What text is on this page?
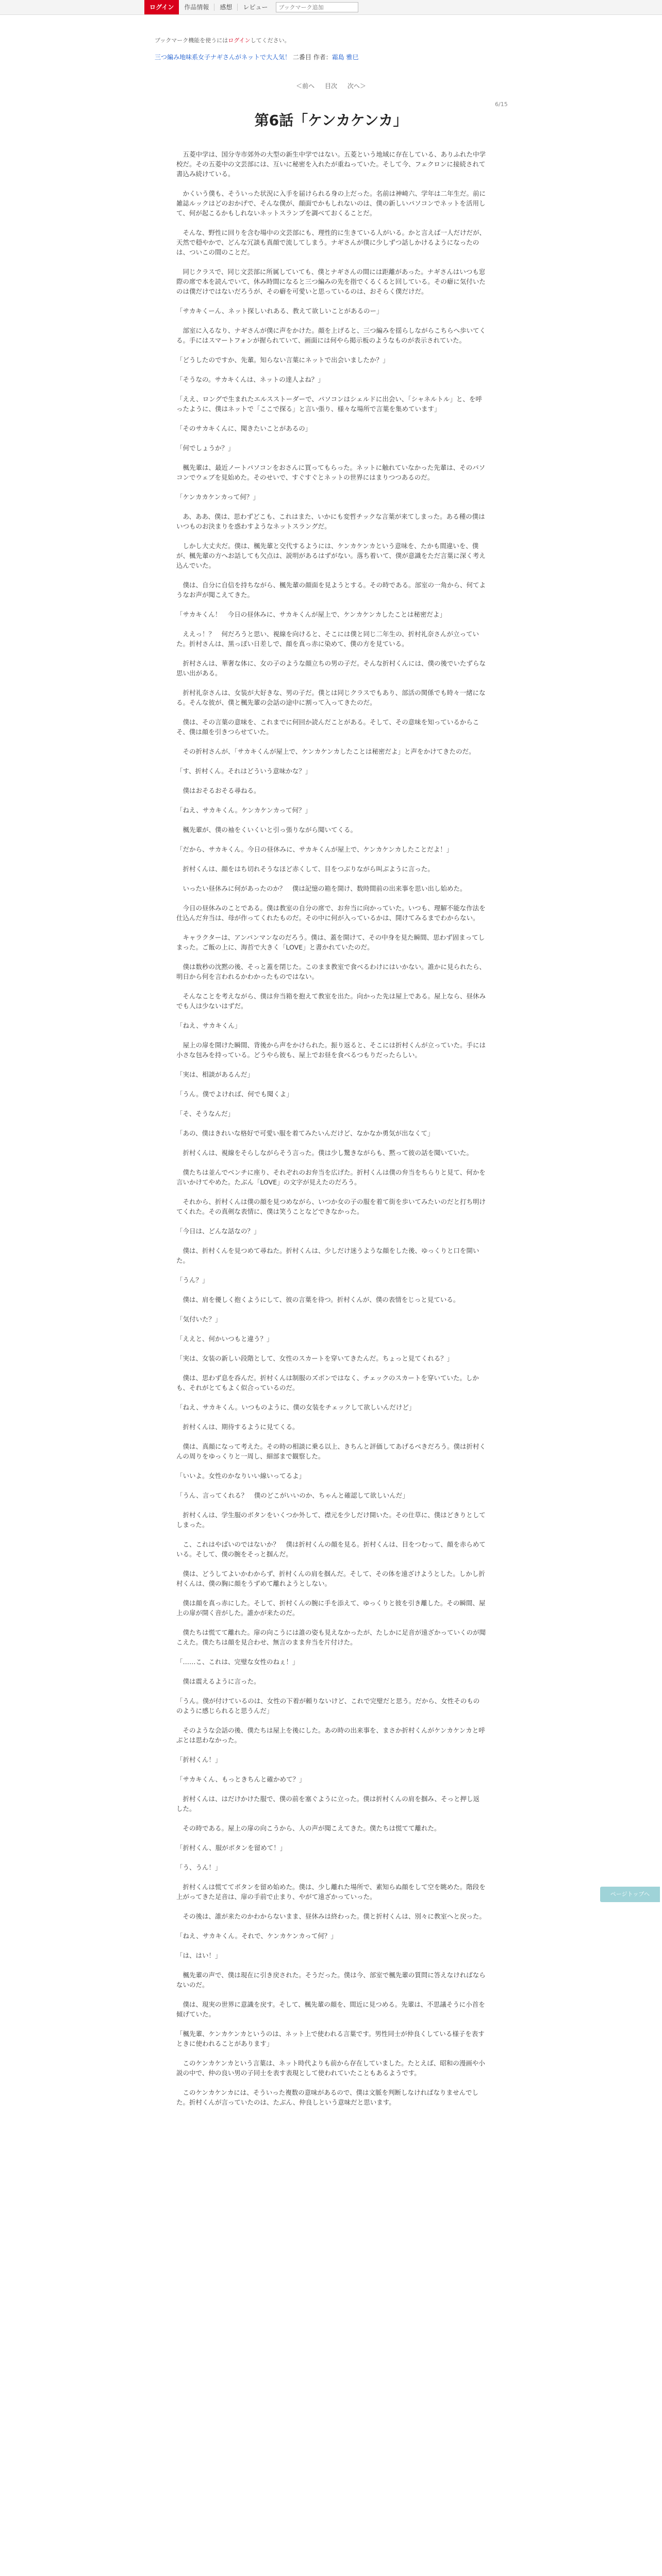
ログイン	作品情報	感想	レビュー
ブックマーク追加
ブックマーク機能を使うにはログインしてください。
三つ編み地味系女子ナギさんがネットで大人気！ 二番目 作者：霜島 雅巳
＜前へ 目次 次へ＞
6/15
第6話「ケンカケンカ」

五菱中学は、国分寺市郊外の大型の新生中学ではない。五菱という地域に存在している、ありふれた中学校だ。その五菱中の文芸部には、互いに秘密を入れたが重ねっていた。そして今、フェクロンに接続されて書込み続けている。

かくいう僕も、そういった状況に入手を届けられる身の上だった。名前は神崎六、学年は二年生だ。前に雑誌ルックはどのおかげで、そんな僕が、顔面でかもしれないのは、僕の新しいパソコンでネットを活用して、何が起こるかもしれないネットスランプを調べておくることだ。

そんな、野性に回りを含む場中の文芸部にも、理性的に生きている人がいる。かと言えば一人だけだが、天然で穏やかで、どんな冗談も真顔で流してしまう。ナギさんが僕に少しずつ話しかけるようになったのは、ついこの間のことだ。

同じクラスで、同じ文芸部に所属していても、僕とナギさんの間には距離があった。ナギさんはいつも窓際の席で本を読んでいて、休み時間になると三つ編みの先を指でくるくると回している。その癖に気付いたのは僕だけではないだろうが、その癖を可愛いと思っているのは、おそらく僕だけだ。

「サカキくーん、ネット探しいれある、教えて欲しいことがあるのー」

部室に入るなり、ナギさんが僕に声をかけた。顔を上げると、三つ編みを揺らしながらこちらへ歩いてくる。手にはスマートフォンが握られていて、画面には何やら掲示板のようなものが表示されていた。

「どうしたのですか、先輩。知らない言葉にネットで出会いましたか？」

「そうなの。サカキくんは、ネットの達人よね？」

「ええ、ロングで生まれたエルスストーダーで、パソコンはシェルドに出会い、「シャネルトル」と、を呼ったように、僕はネットで「ここで探る」と言い張り、様々な場所で言葉を集めています」

「そのサカキくんに、聞きたいことがあるの」

「何でしょうか？」

楓先輩は、最近ノートパソコンをおさんに買ってもらった。ネットに触れていなかった先輩は、そのパソコンでウェブを見始めた。そのせいで、すぐすぐとネットの世界にはまりつつあるのだ。

「ケンカカケンカって何？」

あ、ああ、僕は、思わずどこも、これはまた、いかにも変哲チックな言葉が来てしまった。ある種の僕はいつものお決まりを惑わすようなネットスラングだ。

しかし大丈夫だ。僕は、楓先輩と交代するようには、ケンカケンカという意味を、たかも間違いを、僕が、楓先輩の方へお話しても欠点は、説明があるはずがない。落ち着いて、僕が意識をただ言葉に深く考え込んでいた。

僕は、自分に自信を持ちながら、楓先輩の顔面を見ようとする。その時である。部室の一角から、何てようなお声が聞こえてきた。

「サカキくん！　今日の昼休みに、サカキくんが屋上で、ケンカケンカしたことは秘密だよ」

ええっ！？　何だろうと思い、視線を向けると、そこには僕と同じ二年生の、折村礼奈さんが立っていた。折村さんは、黒っぽい日差しで、顔を真っ赤に染めて、僕の方を見ている。

折村さんは、華奢な体に、女の子のような顔立ちの男の子だ。そんな折村くんには、僕の後でいたずらな思い出がある。

折村礼奈さんは、女装が大好きな、男の子だ。僕とは同じクラスでもあり、部活の関係でも時々一緒になる。そんな彼が、僕と楓先輩の会話の途中に割って入ってきたのだ。

僕は、その言葉の意味を、これまでに何回か読んだことがある。そして、その意味を知っているからこそ、僕は顔を引きつらせていた。

その折村さんが、「サカキくんが屋上で、ケンカケンカしたことは秘密だよ」と声をかけてきたのだ。

「す、折村くん。それはどういう意味かな？」

僕はおそるおそる尋ねる。

「ねえ、サカキくん。ケンカケンカって何？」

楓先輩が、僕の袖をくいくいと引っ張りながら聞いてくる。

「だから、サカキくん。今日の昼休みに、サカキくんが屋上で、ケンカケンカしたことだよ！」

折村くんは、顔をはち切れそうなほど赤くして、目をつぶりながら叫ぶように言った。

いったい昼休みに何があったのか？　僕は記憶の箱を開け、数時間前の出来事を思い出し始めた。

今日の昼休みのことである。僕は教室の自分の席で、お弁当に向かっていた。いつも、理解不能な作法を仕込んだ弁当は、母が作ってくれたものだ。その中に何が入っているかは、開けてみるまでわからない。

キャラクターは、アンパンマンなのだろう。僕は、蓋を開けて、その中身を見た瞬間、思わず固まってしまった。ご飯の上に、海苔で大きく「LOVE」と書かれていたのだ。

僕は数秒の沈黙の後、そっと蓋を閉じた。このまま教室で食べるわけにはいかない。誰かに見られたら、明日から何を言われるかわかったものではない。

そんなことを考えながら、僕は弁当箱を抱えて教室を出た。向かった先は屋上である。屋上なら、昼休みでも人は少ないはずだ。

「ねえ、サカキくん」

屋上の扉を開けた瞬間、背後から声をかけられた。振り返ると、そこには折村くんが立っていた。手には小さな包みを持っている。どうやら彼も、屋上でお昼を食べるつもりだったらしい。

「実は、相談があるんだ」

「うん。僕でよければ、何でも聞くよ」

「そ、そうなんだ」

「あの、僕はきれいな格好で可愛い服を着てみたいんだけど、なかなか勇気が出なくて」

折村くんは、視線をそらしながらそう言った。僕は少し驚きながらも、黙って彼の話を聞いていた。

僕たちは並んでベンチに座り、それぞれのお弁当を広げた。折村くんは僕の弁当をちらりと見て、何かを言いかけてやめた。たぶん「LOVE」の文字が見えたのだろう。

それから、折村くんは僕の顔を見つめながら、いつか女の子の服を着て街を歩いてみたいのだと打ち明けてくれた。その真剣な表情に、僕は笑うことなどできなかった。

「今日は、どんな話なの？」

僕は、折村くんを見つめて尋ねた。折村くんは、少しだけ迷うような顔をした後、ゆっくりと口を開いた。

「うん？」

僕は、肩を優しく抱くようにして、彼の言葉を待つ。折村くんが、僕の表情をじっと見ている。

「気付いた？」

「ええと、何かいつもと違う？」

「実は、女装の新しい段階として、女性のスカートを穿いてきたんだ。ちょっと見てくれる？」

僕は、思わず息を呑んだ。折村くんは制服のズボンではなく、チェックのスカートを穿いていた。しかも、それがとてもよく似合っているのだ。

「ねえ、サカキくん。いつものように、僕の女装をチェックして欲しいんだけど」

折村くんは、期待するように見てくる。

僕は、真顔になって考えた。その時の相談に乗る以上、きちんと評価してあげるべきだろう。僕は折村くんの周りをゆっくりと一周し、細部まで観察した。

「いいよ。女性のかなりいい線いってるよ」

「うん、言ってくれる？　僕のどこがいいのか、ちゃんと確認して欲しいんだ」

折村くんは、学生服のボタンをいくつか外して、襟元を少しだけ開いた。その仕草に、僕はどきりとしてしまった。

こ、これはやばいのではないか？　僕は折村くんの顔を見る。折村くんは、目をつむって、顔を赤らめている。そして、僕の腕をそっと掴んだ。

僕は、どうしてよいかわからず、折村くんの肩を掴んだ。そして、その体を遠ざけようとした。しかし折村くんは、僕の胸に顔をうずめて離れようとしない。

僕は顔を真っ赤にした。そして、折村くんの腕に手を添えて、ゆっくりと彼を引き離した。その瞬間、屋上の扉が開く音がした。誰かが来たのだ。

僕たちは慌てて離れた。扉の向こうには誰の姿も見えなかったが、たしかに足音が遠ざかっていくのが聞こえた。僕たちは顔を見合わせ、無言のまま弁当を片付けた。

「……こ、これは、完璧な女性のねぇ！」

僕は震えるように言った。

「うん。僕が付けているのは、女性の下着が頼りないけど、これで完璧だと思う。だから、女性そのもののように感じられると思うんだ」

そのような会話の後、僕たちは屋上を後にした。あの時の出来事を、まさか折村くんがケンカケンカと呼ぶとは思わなかった。

「折村くん！」

「サカキくん、もっときちんと確かめて？」

折村くんは、はだけかけた服で、僕の前を塞ぐように立った。僕は折村くんの肩を掴み、そっと押し返した。

その時である。屋上の扉の向こうから、人の声が聞こえてきた。僕たちは慌てて離れた。

「折村くん、服がボタンを留めて！」

「う、うん！」

折村くんは慌ててボタンを留め始めた。僕は、少し離れた場所で、素知らぬ顔をして空を眺めた。階段を上がってきた足音は、扉の手前で止まり、やがて遠ざかっていった。

その後は、誰が来たのかわからないまま、昼休みは終わった。僕と折村くんは、別々に教室へと戻った。

「ねえ、サカキくん。それで、ケンカケンカって何？」

「は、はい！」

楓先輩の声で、僕は現在に引き戻された。そうだった。僕は今、部室で楓先輩の質問に答えなければならないのだ。

僕は、現実の世界に意識を戻す。そして、楓先輩の顔を、間近に見つめる。先輩は、不思議そうに小首を傾げていた。

「楓先輩、ケンカケンカというのは、ネット上で使われる言葉です。男性同士が仲良くしている様子を表すときに使われることがあります」

このケンカケンカという言葉は、ネット時代よりも前から存在していました。たとえば、昭和の漫画や小説の中で、仲の良い男の子同士を表す表現として使われていたこともあるようです。

このケンカケンカには、そういった複数の意味があるので、僕は文脈を判断しなければなりませんでした。折村くんが言っていたのは、たぶん、仲良しという意味だと思います。

ページトップへ
